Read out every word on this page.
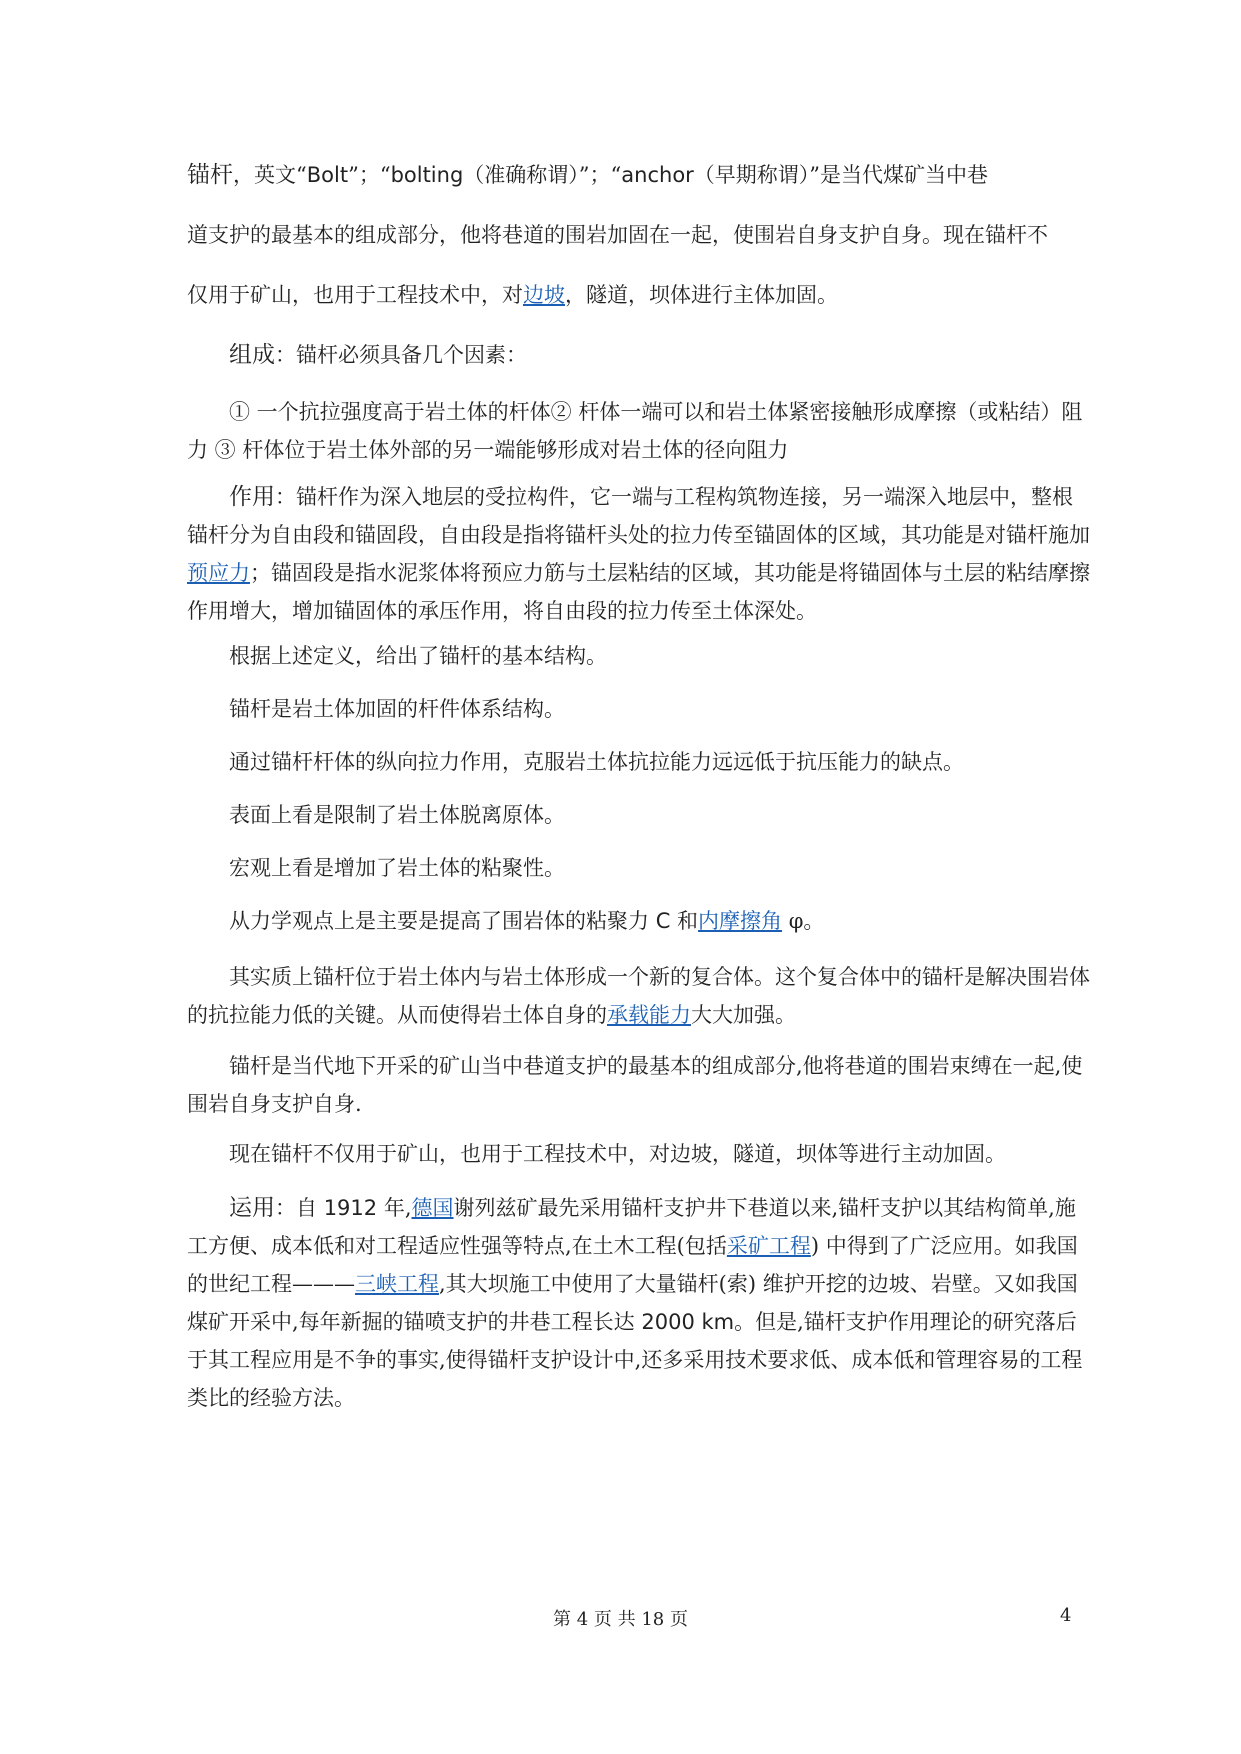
锚杆，英文“Bolt”；“bolting（准确称谓）”；“anchor（早期称谓）”是当代煤矿当中巷

道支护的最基本的组成部分，他将巷道的围岩加固在一起，使围岩自身支护自身。现在锚杆不

仅用于矿山，也用于工程技术中，对边坡，隧道，坝体进行主体加固。

组成：锚杆必须具备几个因素：

① 一个抗拉强度高于岩土体的杆体② 杆体一端可以和岩土体紧密接触形成摩擦（或粘结）阻力 ③ 杆体位于岩土体外部的另一端能够形成对岩土体的径向阻力

作用：锚杆作为深入地层的受拉构件，它一端与工程构筑物连接，另一端深入地层中，整根锚杆分为自由段和锚固段，自由段是指将锚杆头处的拉力传至锚固体的区域，其功能是对锚杆施加预应力；锚固段是指水泥浆体将预应力筋与土层粘结的区域，其功能是将锚固体与土层的粘结摩擦作用增大，增加锚固体的承压作用，将自由段的拉力传至土体深处。

根据上述定义，给出了锚杆的基本结构。

锚杆是岩土体加固的杆件体系结构。

通过锚杆杆体的纵向拉力作用，克服岩土体抗拉能力远远低于抗压能力的缺点。

表面上看是限制了岩土体脱离原体。

宏观上看是增加了岩土体的粘聚性。

从力学观点上是主要是提高了围岩体的粘聚力 C 和内摩擦角 φ。

其实质上锚杆位于岩土体内与岩土体形成一个新的复合体。这个复合体中的锚杆是解决围岩体的抗拉能力低的关键。从而使得岩土体自身的承载能力大大加强。

锚杆是当代地下开采的矿山当中巷道支护的最基本的组成部分,他将巷道的围岩束缚在一起,使围岩自身支护自身.

现在锚杆不仅用于矿山，也用于工程技术中，对边坡，隧道，坝体等进行主动加固。

运用：自 1912 年,德国谢列兹矿最先采用锚杆支护井下巷道以来,锚杆支护以其结构简单,施工方便、成本低和对工程适应性强等特点,在土木工程(包括采矿工程) 中得到了广泛应用。如我国的世纪工程———三峡工程,其大坝施工中使用了大量锚杆(索) 维护开挖的边坡、岩壁。又如我国煤矿开采中,每年新掘的锚喷支护的井巷工程长达 2000 km。但是,锚杆支护作用理论的研究落后于其工程应用是不争的事实,使得锚杆支护设计中,还多采用技术要求低、成本低和管理容易的工程类比的经验方法。

第 4 页 共 18 页	4
